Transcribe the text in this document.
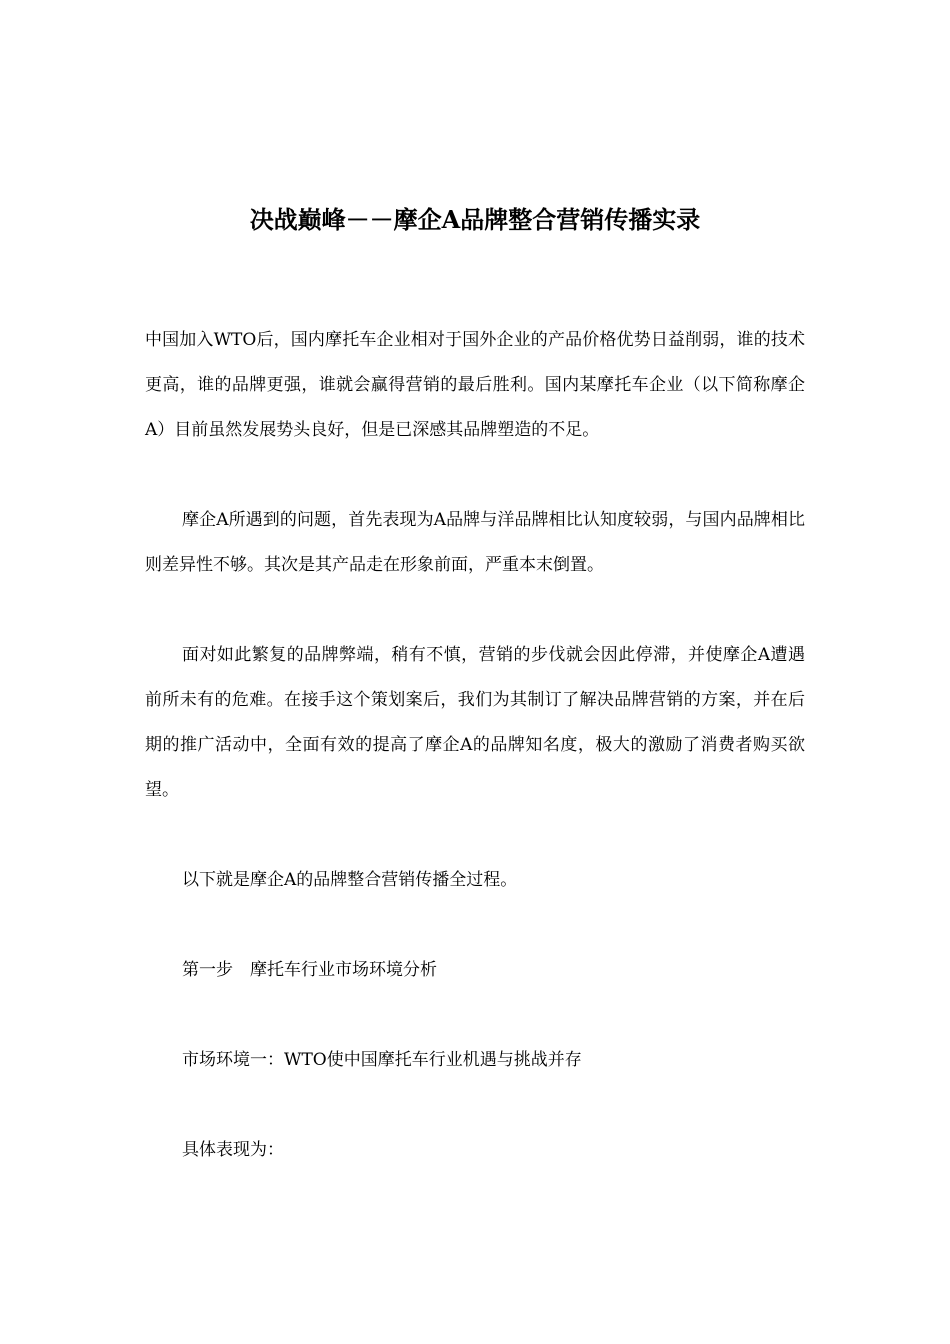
决战巅峰－－摩企A品牌整合营销传播实录

中国加入WTO后，国内摩托车企业相对于国外企业的产品价格优势日益削弱，谁的技术更高，谁的品牌更强，谁就会赢得营销的最后胜利。国内某摩托车企业（以下简称摩企A）目前虽然发展势头良好，但是已深感其品牌塑造的不足。

摩企A所遇到的问题，首先表现为A品牌与洋品牌相比认知度较弱，与国内品牌相比则差异性不够。其次是其产品走在形象前面，严重本末倒置。

面对如此繁复的品牌弊端，稍有不慎，营销的步伐就会因此停滞，并使摩企A遭遇前所未有的危难。在接手这个策划案后，我们为其制订了解决品牌营销的方案，并在后期的推广活动中，全面有效的提高了摩企A的品牌知名度，极大的激励了消费者购买欲望。

以下就是摩企A的品牌整合营销传播全过程。

第一步　摩托车行业市场环境分析

市场环境一：WTO使中国摩托车行业机遇与挑战并存

具体表现为：
